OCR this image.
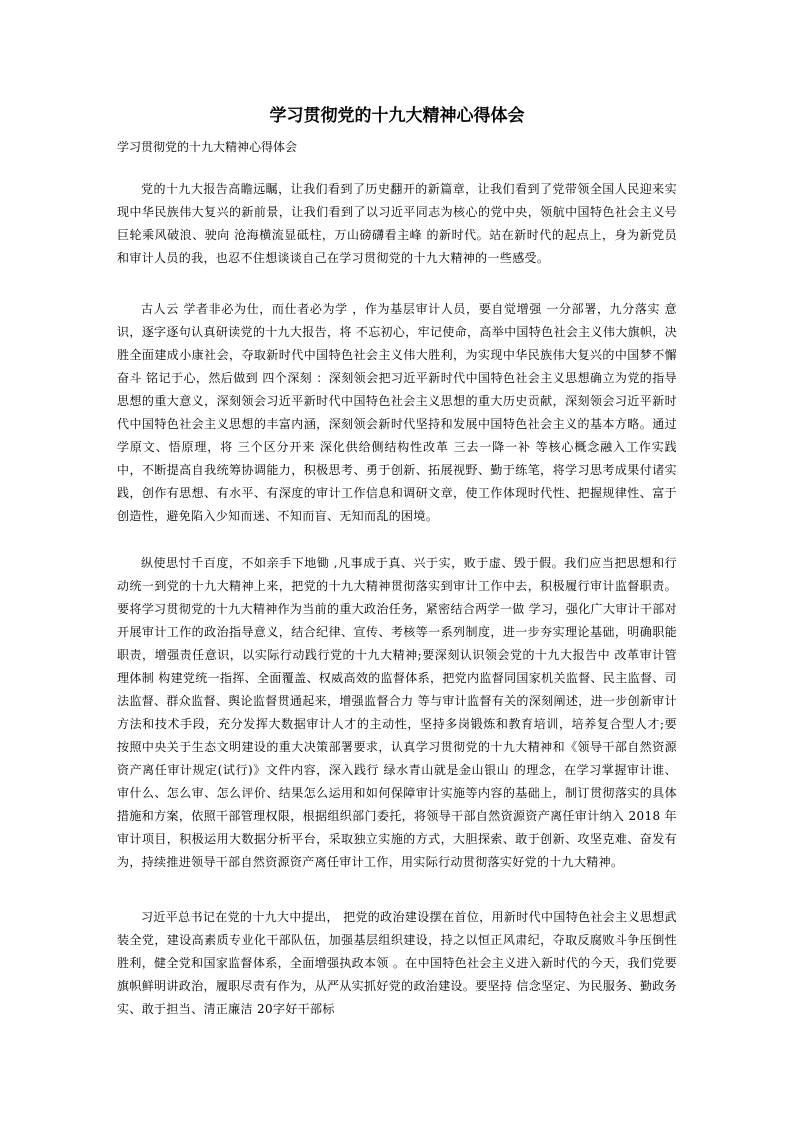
学习贯彻党的十九大精神心得体会

学习贯彻党的十九大精神心得体会

党的十九大报告高瞻远瞩，让我们看到了历史翻开的新篇章，让我们看到了党带领全国人民迎来实现中华民族伟大复兴的新前景，让我们看到了以习近平同志为核心的党中央，领航中国特色社会主义号巨轮乘风破浪、驶向 沧海横流显砥柱，万山磅礴看主峰 的新时代。站在新时代的起点上，身为新党员和审计人员的我，也忍不住想谈谈自己在学习贯彻党的十九大精神的一些感受。

古人云 学者非必为仕，而仕者必为学 ，作为基层审计人员，要自觉增强 一分部署，九分落实 意识，逐字逐句认真研读党的十九大报告，将 不忘初心，牢记使命，高举中国特色社会主义伟大旗帜，决胜全面建成小康社会，夺取新时代中国特色社会主义伟大胜利，为实现中华民族伟大复兴的中国梦不懈奋斗 铭记于心，然后做到 四个深刻 ：深刻领会把习近平新时代中国特色社会主义思想确立为党的指导思想的重大意义，深刻领会习近平新时代中国特色社会主义思想的重大历史贡献，深刻领会习近平新时代中国特色社会主义思想的丰富内涵，深刻领会新时代坚持和发展中国特色社会主义的基本方略。通过学原文、悟原理，将 三个区分开来 深化供给侧结构性改革 三去一降一补 等核心概念融入工作实践中，不断提高自我统筹协调能力，积极思考、勇于创新、拓展视野、勤于练笔，将学习思考成果付诸实践，创作有思想、有水平、有深度的审计工作信息和调研文章，使工作体现时代性、把握规律性、富于创造性，避免陷入少知而迷、不知而盲、无知而乱的困境。

纵使思忖千百度，不如亲手下地锄 ,凡事成于真、兴于实，败于虚、毁于假。我们应当把思想和行动统一到党的十九大精神上来，把党的十九大精神贯彻落实到审计工作中去，积极履行审计监督职责。要将学习贯彻党的十九大精神作为当前的重大政治任务，紧密结合两学一做 学习，强化广大审计干部对开展审计工作的政治指导意义，结合纪律、宣传、考核等一系列制度，进一步夯实理论基础，明确职能职责，增强责任意识，以实际行动践行党的十九大精神;要深刻认识领会党的十九大报告中 改革审计管理体制 构建党统一指挥、全面覆盖、权威高效的监督体系，把党内监督同国家机关监督、民主监督、司法监督、群众监督、舆论监督贯通起来，增强监督合力 等与审计监督有关的深刻阐述，进一步创新审计方法和技术手段，充分发挥大数据审计人才的主动性，坚持多岗锻炼和教育培训，培养复合型人才;要按照中央关于生态文明建设的重大决策部署要求，认真学习贯彻党的十九大精神和《领导干部自然资源资产离任审计规定(试行)》文件内容，深入践行 绿水青山就是金山银山 的理念，在学习掌握审计谁、审什么、怎么审、怎么评价、结果怎么运用和如何保障审计实施等内容的基础上，制订贯彻落实的具体措施和方案，依照干部管理权限，根据组织部门委托，将领导干部自然资源资产离任审计纳入 2018 年审计项目，积极运用大数据分析平台，采取独立实施的方式，大胆探索、敢于创新、攻坚克难、奋发有为，持续推进领导干部自然资源资产离任审计工作，用实际行动贯彻落实好党的十九大精神。

习近平总书记在党的十九大中提出， 把党的政治建设摆在首位，用新时代中国特色社会主义思想武装全党，建设高素质专业化干部队伍，加强基层组织建设，持之以恒正风肃纪，夺取反腐败斗争压倒性胜利，健全党和国家监督体系，全面增强执政本领 。在中国特色社会主义进入新时代的今天，我们党要旗帜鲜明讲政治，履职尽责有作为，从严从实抓好党的政治建设。要坚持 信念坚定、为民服务、勤政务实、敢于担当、清正廉洁 20字好干部标
